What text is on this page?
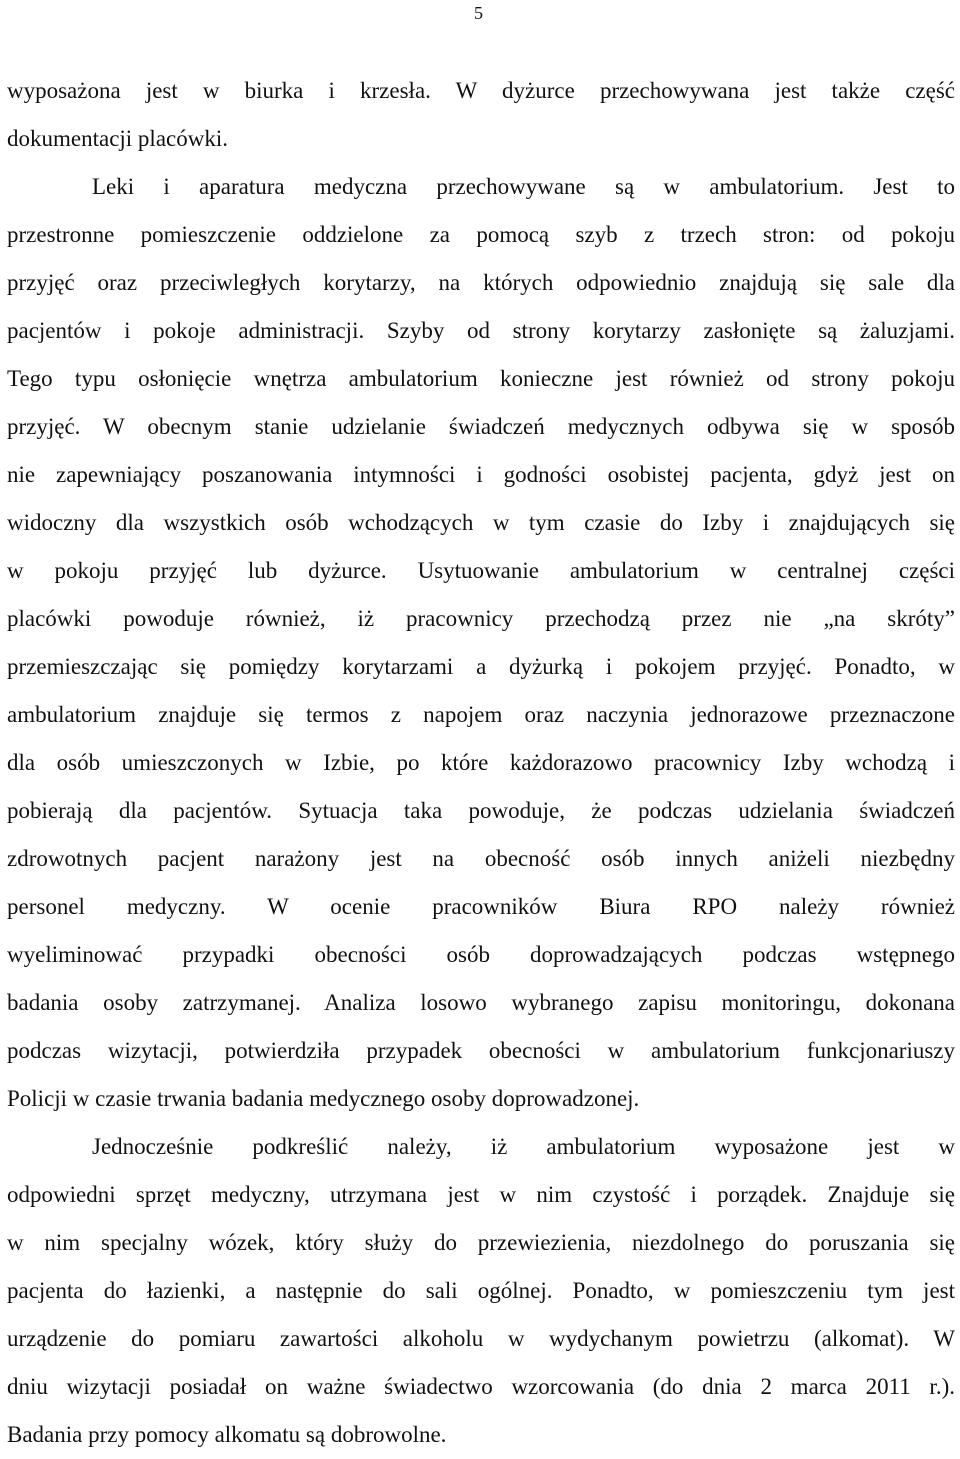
5
wyposażona jest w biurka i krzesła. W dyżurce przechowywana jest także część
dokumentacji placówki.
Leki i aparatura medyczna przechowywane są w ambulatorium. Jest to
przestronne pomieszczenie oddzielone za pomocą szyb z trzech stron: od pokoju
przyjęć oraz przeciwległych korytarzy, na których odpowiednio znajdują się sale dla
pacjentów i pokoje administracji. Szyby od strony korytarzy zasłonięte są żaluzjami.
Tego typu osłonięcie wnętrza ambulatorium konieczne jest również od strony pokoju
przyjęć. W obecnym stanie udzielanie świadczeń medycznych odbywa się w sposób
nie zapewniający poszanowania intymności i godności osobistej pacjenta, gdyż jest on
widoczny dla wszystkich osób wchodzących w tym czasie do Izby i znajdujących się
w pokoju przyjęć lub dyżurce. Usytuowanie ambulatorium w centralnej części
placówki powoduje również, iż pracownicy przechodzą przez nie „na skróty”
przemieszczając się pomiędzy korytarzami a dyżurką i pokojem przyjęć. Ponadto, w
ambulatorium znajduje się termos z napojem oraz naczynia jednorazowe przeznaczone
dla osób umieszczonych w Izbie, po które każdorazowo pracownicy Izby wchodzą i
pobierają dla pacjentów. Sytuacja taka powoduje, że podczas udzielania świadczeń
zdrowotnych pacjent narażony jest na obecność osób innych aniżeli niezbędny
personel medyczny. W ocenie pracowników Biura RPO należy również
wyeliminować przypadki obecności osób doprowadzających podczas wstępnego
badania osoby zatrzymanej. Analiza losowo wybranego zapisu monitoringu, dokonana
podczas wizytacji, potwierdziła przypadek obecności w ambulatorium funkcjonariuszy
Policji w czasie trwania badania medycznego osoby doprowadzonej.
Jednocześnie podkreślić należy, iż ambulatorium wyposażone jest w
odpowiedni sprzęt medyczny, utrzymana jest w nim czystość i porządek. Znajduje się
w nim specjalny wózek, który służy do przewiezienia, niezdolnego do poruszania się
pacjenta do łazienki, a następnie do sali ogólnej. Ponadto, w pomieszczeniu tym jest
urządzenie do pomiaru zawartości alkoholu w wydychanym powietrzu (alkomat). W
dniu wizytacji posiadał on ważne świadectwo wzorcowania (do dnia 2 marca 2011 r.).
Badania przy pomocy alkomatu są dobrowolne.
